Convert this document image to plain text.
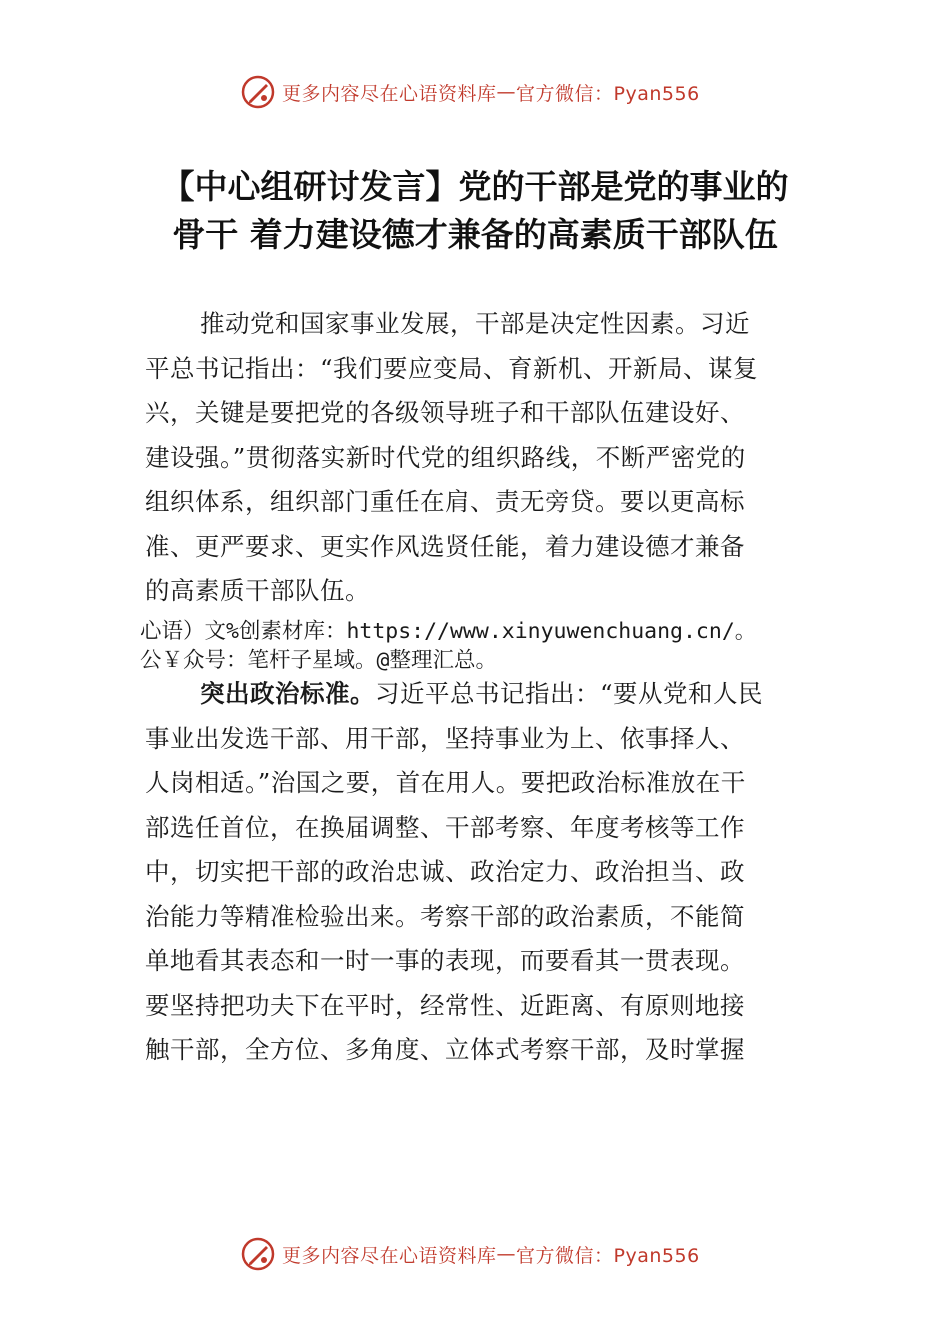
更多内容尽在心语资料库 — 官方微信：Pyan556
【中心组研讨发言】党的干部是党的事业的
骨干 着力建设德才兼备的高素质干部队伍

推动党和国家事业发展，干部是决定性因素。习近
平总书记指出：“我们要应变局、育新机、开新局、谋复
兴，关键是要把党的各级领导班子和干部队伍建设好、
建设强。”贯彻落实新时代党的组织路线，不断严密党的
组织体系，组织部门重任在肩、责无旁贷。要以更高标
准、更严要求、更实作风选贤任能，着力建设德才兼备
的高素质干部队伍。

心语）文%创素材库：https://www.xinyuwenchuang.cn/。
公￥众号：笔杆子星域。@整理汇总。

突出政治标准。习近平总书记指出：“要从党和人民
事业出发选干部、用干部，坚持事业为上、依事择人、
人岗相适。”治国之要，首在用人。要把政治标准放在干
部选任首位，在换届调整、干部考察、年度考核等工作
中，切实把干部的政治忠诚、政治定力、政治担当、政
治能力等精准检验出来。考察干部的政治素质，不能简
单地看其表态和一时一事的表现，而要看其一贯表现。
要坚持把功夫下在平时，经常性、近距离、有原则地接
触干部，全方位、多角度、立体式考察干部，及时掌握

更多内容尽在心语资料库 — 官方微信：Pyan556
